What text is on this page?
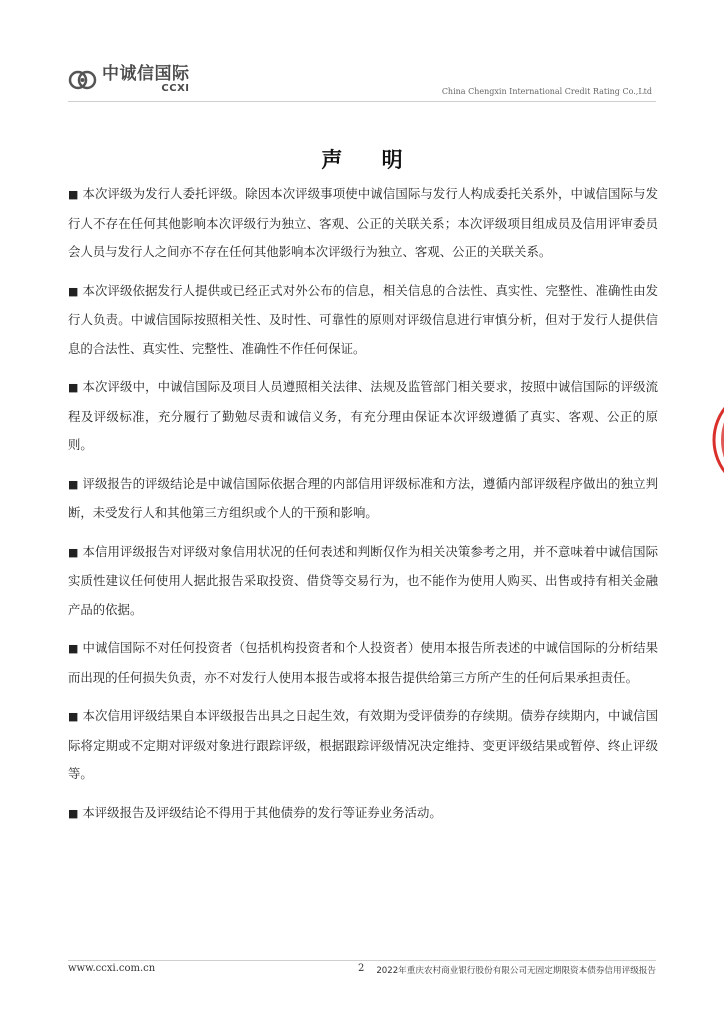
中诚信国际
CCXI	China Chengxin International Credit Rating Co.,Ltd
声 明
■ 本次评级为发行人委托评级。除因本次评级事项使中诚信国际与发行人构成委托关系外，中诚信国际与发行人不存在任何其他影响本次评级行为独立、客观、公正的关联关系；本次评级项目组成员及信用评审委员会人员与发行人之间亦不存在任何其他影响本次评级行为独立、客观、公正的关联关系。
■ 本次评级依据发行人提供或已经正式对外公布的信息，相关信息的合法性、真实性、完整性、准确性由发行人负责。中诚信国际按照相关性、及时性、可靠性的原则对评级信息进行审慎分析，但对于发行人提供信息的合法性、真实性、完整性、准确性不作任何保证。
■ 本次评级中，中诚信国际及项目人员遵照相关法律、法规及监管部门相关要求，按照中诚信国际的评级流程及评级标准，充分履行了勤勉尽责和诚信义务，有充分理由保证本次评级遵循了真实、客观、公正的原则。
■ 评级报告的评级结论是中诚信国际依据合理的内部信用评级标准和方法，遵循内部评级程序做出的独立判断，未受发行人和其他第三方组织或个人的干预和影响。
■ 本信用评级报告对评级对象信用状况的任何表述和判断仅作为相关决策参考之用，并不意味着中诚信国际实质性建议任何使用人据此报告采取投资、借贷等交易行为，也不能作为使用人购买、出售或持有相关金融产品的依据。
■ 中诚信国际不对任何投资者（包括机构投资者和个人投资者）使用本报告所表述的中诚信国际的分析结果而出现的任何损失负责，亦不对发行人使用本报告或将本报告提供给第三方所产生的任何后果承担责任。
■ 本次信用评级结果自本评级报告出具之日起生效，有效期为受评债券的存续期。债券存续期内，中诚信国际将定期或不定期对评级对象进行跟踪评级，根据跟踪评级情况决定维持、变更评级结果或暂停、终止评级等。
■ 本评级报告及评级结论不得用于其他债券的发行等证券业务活动。
www.ccxi.com.cn	2 2022年重庆农村商业银行股份有限公司无固定期限资本债券信用评级报告
